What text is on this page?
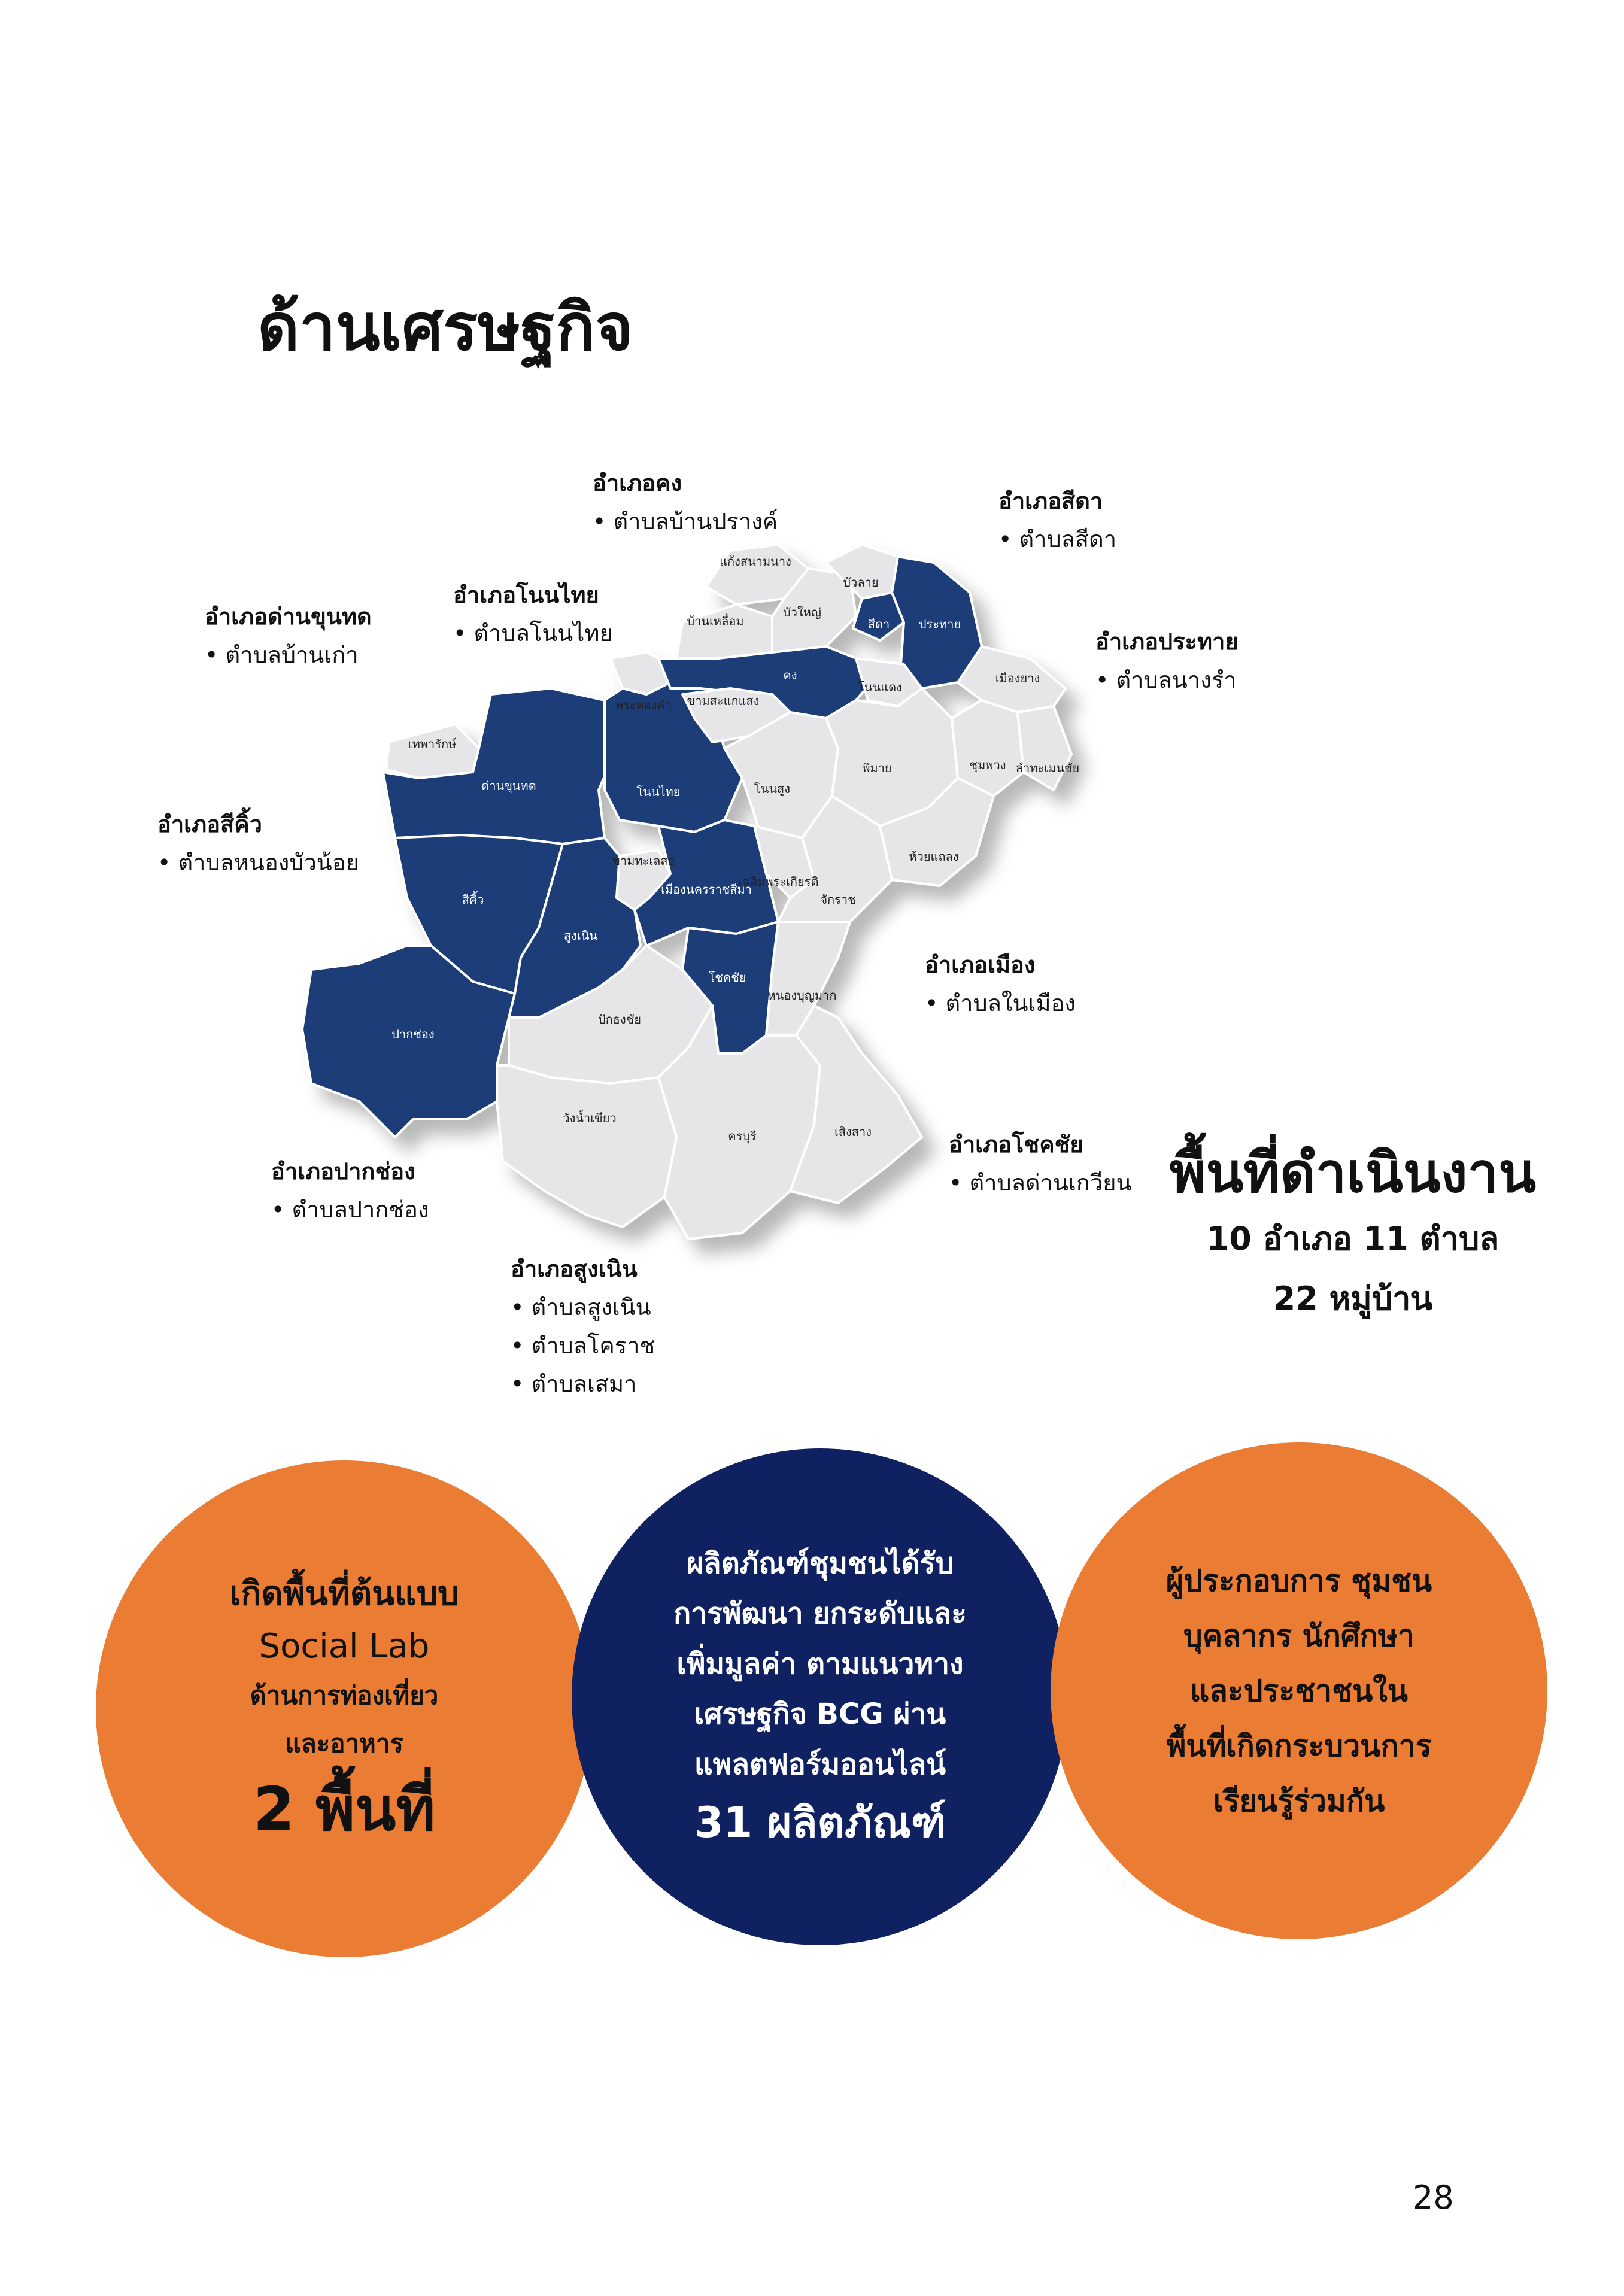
ด้านเศรษฐกิจ
เทพารักษ์
ด่านขุนทด
สีคิ้ว
ปากช่อง
สูงเนิน
ขามทะเลสอ
โนนไทย
พระทองคำ
บ้านเหลื่อม
แก้งสนามนาง
บัวใหญ่
บัวลาย
สีดา ประทาย
คง
ขามสะแกแสง
โนนแดง
โนนสูง
พิมาย	ชุมพวง ลำทะเมนชัย
เมืองยาง
เมืองนครราชสีมา
เฉลิมพระเกียรติ
จักราช
ห้วยแถลง
โชคชัย
หนองบุญมาก
ปักธงชัย
วังน้ำเขียว
ครบุรี	เสิงสาง
อำเภอคง
• ตำบลบ้านปรางค์
อำเภอสีดา
• ตำบลสีดา
อำเภอโนนไทย
• ตำบลโนนไทย
อำเภอด่านขุนทด
• ตำบลบ้านเก่า	อำเภอประทาย
• ตำบลนางรำ
อำเภอสีคิ้ว
• ตำบลหนองบัวน้อย
อำเภอเมือง
• ตำบลในเมือง
อำเภอโชคชัย
• ตำบลด่านเกวียน
อำเภอปากช่อง
• ตำบลปากช่อง
อำเภอสูงเนิน
• ตำบลสูงเนิน
• ตำบลโคราช
• ตำบลเสมา
พื้นที่ดำเนินงาน
10 อำเภอ 11 ตำบล
22 หมู่บ้าน
เกิดพื้นที่ต้นแบบ
Social Lab
ด้านการท่องเที่ยว
และอาหาร
2 พื้นที่
ผลิตภัณฑ์ชุมชนได้รับ
การพัฒนา ยกระดับและ
เพิ่มมูลค่า ตามแนวทาง
เศรษฐกิจ BCG ผ่าน
แพลตฟอร์มออนไลน์
31 ผลิตภัณฑ์
ผู้ประกอบการ ชุมชน
บุคลากร นักศึกษา
และประชาชนใน
พื้นที่เกิดกระบวนการ
เรียนรู้ร่วมกัน
28
